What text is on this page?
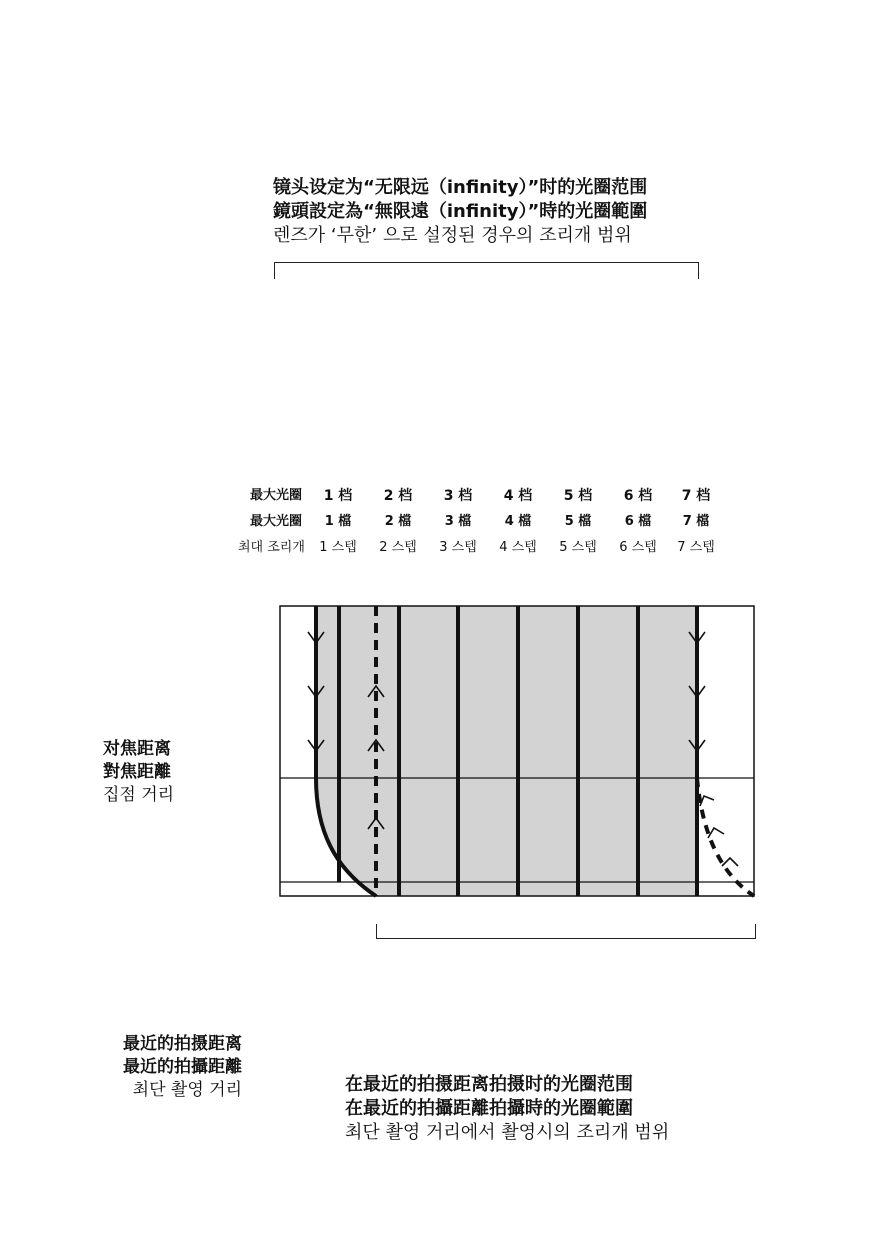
镜头设定为“无限远（infinity）”时的光圈范围
鏡頭設定為“無限遠（infinity）”時的光圈範圍
렌즈가 ‘무한’ 으로 설정된 경우의 조리개 범위
最大光圈
最大光圈
최대 조리개
1 档
1 檔
1 스텝
2 档
2 檔
2 스텝
3 档
3 檔
3 스텝
4 档
4 檔
4 스텝
5 档
5 檔
5 스텝
6 档
6 檔
6 스텝
7 档
7 檔
7 스텝
对焦距离
對焦距離
집점 거리
最近的拍摄距离
最近的拍攝距離
최단 촬영 거리	在最近的拍摄距离拍摄时的光圈范围
在最近的拍攝距離拍攝時的光圈範圍
최단 촬영 거리에서 촬영시의 조리개 범위
